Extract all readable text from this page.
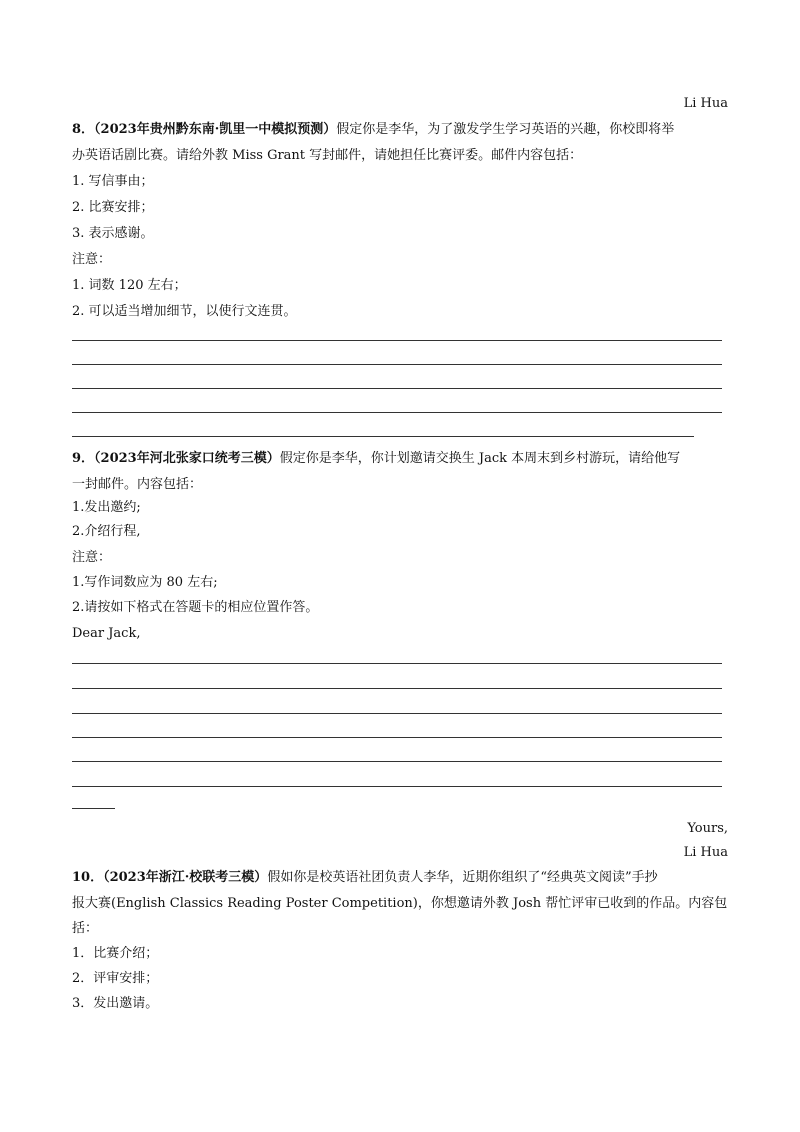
Li Hua
8．（2023年贵州黔东南·凯里一中模拟预测）假定你是李华，为了激发学生学习英语的兴趣，你校即将举
办英语话剧比赛。请给外教 Miss Grant 写封邮件，请她担任比赛评委。邮件内容包括：
1. 写信事由；
2. 比赛安排；
3. 表示感谢。
注意：
1. 词数 120 左右；
2. 可以适当增加细节，以使行文连贯。
9．（2023年河北张家口统考三模）假定你是李华，你计划邀请交换生 Jack 本周末到乡村游玩，请给他写
一封邮件。内容包括：
1.发出邀约;
2.介绍行程,
注意：
1.写作词数应为 80 左右;
2.请按如下格式在答题卡的相应位置作答。
Dear Jack,
Yours,
Li Hua
10．（2023年浙江·校联考三模）假如你是校英语社团负责人李华，近期你组织了“经典英文阅读”手抄
报大赛(English Classics Reading Poster Competition)，你想邀请外教 Josh 帮忙评审已收到的作品。内容包
括：
1．比赛介绍；
2．评审安排；
3．发出邀请。
